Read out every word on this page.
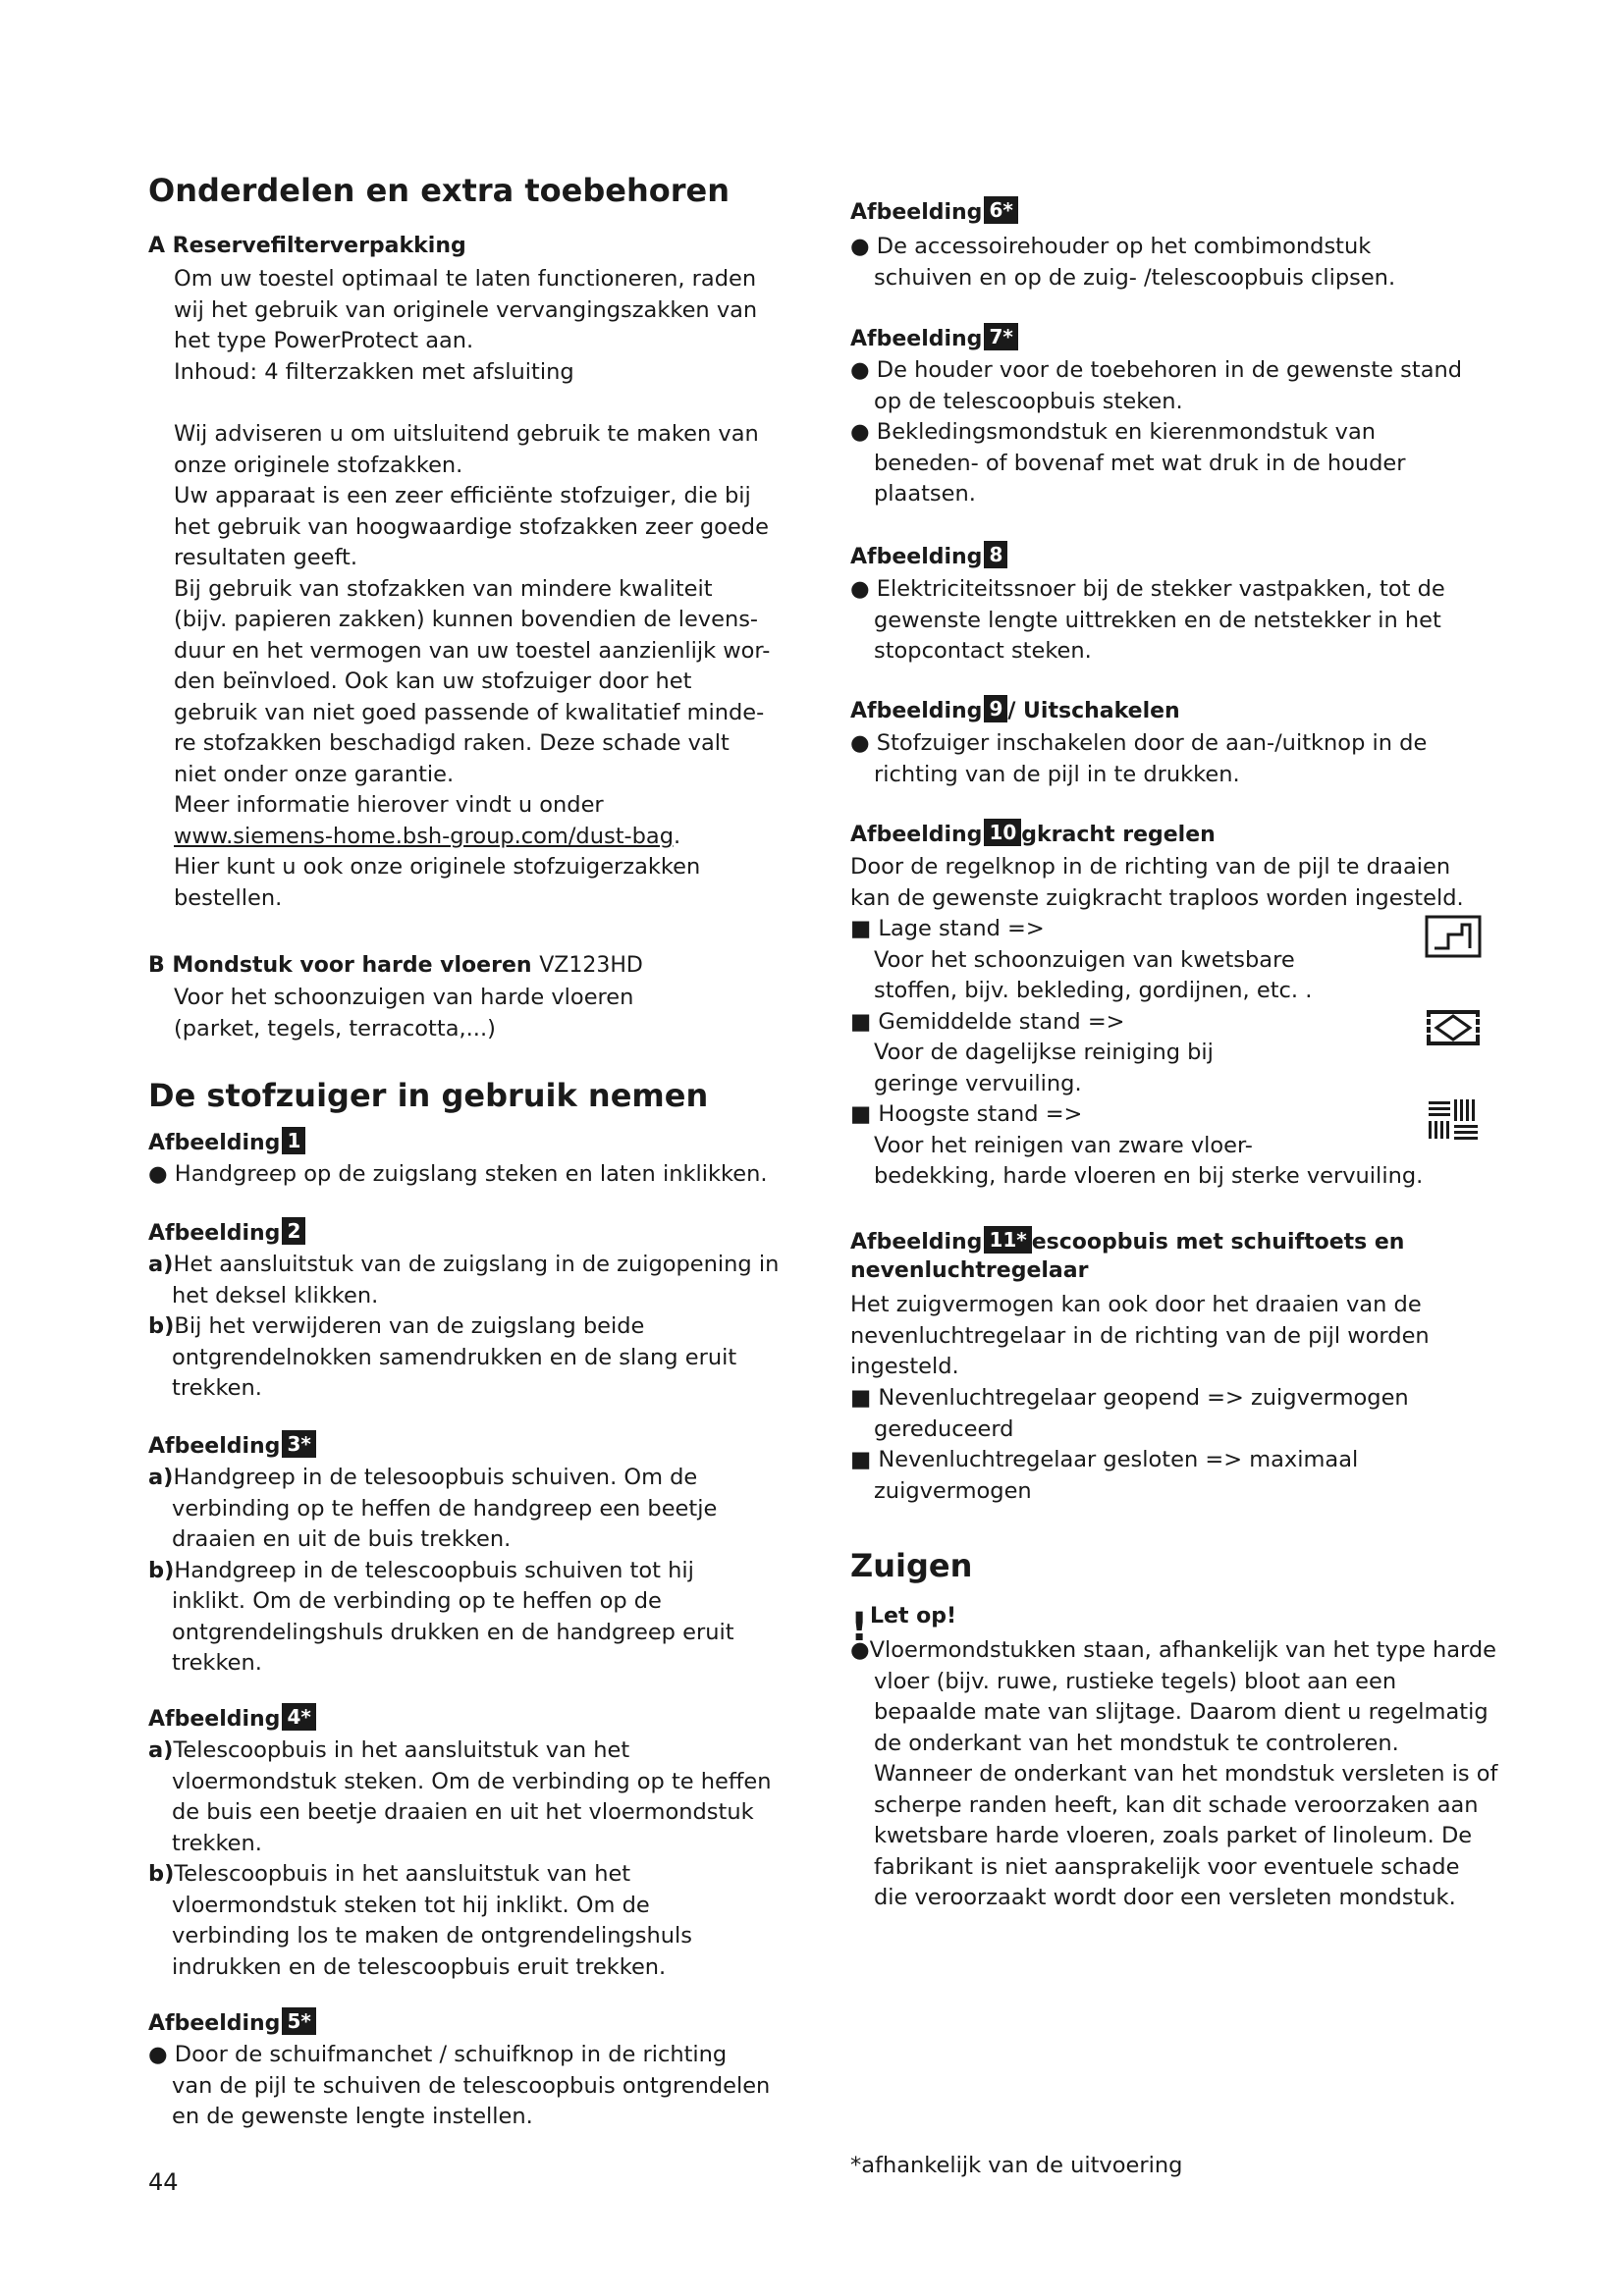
Onderdelen en extra toebehoren
A Reservefilterverpakking
Om uw toestel optimaal te laten functioneren, raden
wij het gebruik van originele vervangingszakken van
het type PowerProtect aan.
Inhoud: 4 filterzakken met afsluiting
Wij adviseren u om uitsluitend gebruik te maken van
onze originele stofzakken.
Uw apparaat is een zeer efficiënte stofzuiger, die bij
het gebruik van hoogwaardige stofzakken zeer goede
resultaten geeft.
Bij gebruik van stofzakken van mindere kwaliteit
(bijv. papieren zakken) kunnen bovendien de levens-
duur en het vermogen van uw toestel aanzienlijk wor-
den beïnvloed. Ook kan uw stofzuiger door het
gebruik van niet goed passende of kwalitatief minde-
re stofzakken beschadigd raken. Deze schade valt
niet onder onze garantie.
Meer informatie hierover vindt u onder
www.siemens-home.bsh-group.com/dust-bag.
Hier kunt u ook onze originele stofzuigerzakken
bestellen.
B Mondstuk voor harde vloeren VZ123HD
Voor het schoonzuigen van harde vloeren
(parket, tegels, terracotta,...)
De stofzuiger in gebruik nemen
Afbeelding 1
● Handgreep op de zuigslang steken en laten inklikken.
Afbeelding 2
a)Het aansluitstuk van de zuigslang in de zuigopening in
het deksel klikken.
b)Bij het verwijderen van de zuigslang beide
ontgrendelnokken samendrukken en de slang eruit
trekken.
Afbeelding 3*
a)Handgreep in de telesoopbuis schuiven. Om de
verbinding op te heffen de handgreep een beetje
draaien en uit de buis trekken.
b)Handgreep in de telescoopbuis schuiven tot hij
inklikt. Om de verbinding op te heffen op de
ontgrendelingshuls drukken en de handgreep eruit
trekken.
Afbeelding 4*
a)Telescoopbuis in het aansluitstuk van het
vloermondstuk steken. Om de verbinding op te heffen
de buis een beetje draaien en uit het vloermondstuk
trekken.
b)Telescoopbuis in het aansluitstuk van het
vloermondstuk steken tot hij inklikt. Om de
verbinding los te maken de ontgrendelingshuls
indrukken en de telescoopbuis eruit trekken.
Afbeelding 5*
● Door de schuifmanchet / schuifknop in de richting
van de pijl te schuiven de telescoopbuis ontgrendelen
en de gewenste lengte instellen.
Afbeelding 6*
● De accessoirehouder op het combimondstuk
schuiven en op de zuig- /telescoopbuis clipsen.
Afbeelding 7*
● De houder voor de toebehoren in de gewenste stand
op de telescoopbuis steken.
● Bekledingsmondstuk en kierenmondstuk van
beneden- of bovenaf met wat druk in de houder
plaatsen.
Afbeelding 8
● Elektriciteitssnoer bij de stekker vastpakken, tot de
gewenste lengte uittrekken en de netstekker in het
stopcontact steken.
Afbeelding 9 / Uitschakelen
● Stofzuiger inschakelen door de aan-/uitknop in de
richting van de pijl in te drukken.
Afbeelding 10 gkracht regelen
Door de regelknop in de richting van de pijl te draaien
kan de gewenste zuigkracht traploos worden ingesteld.
■ Lage stand =>
Voor het schoonzuigen van kwetsbare
stoffen, bijv. bekleding, gordijnen, etc. .
■ Gemiddelde stand =>
Voor de dagelijkse reiniging bij
geringe vervuiling.
■ Hoogste stand =>
Voor het reinigen van zware vloer-
bedekking, harde vloeren en bij sterke vervuiling.
Afbeelding 11* escoopbuis met schuiftoets en
nevenluchtregelaar
Het zuigvermogen kan ook door het draaien van de
nevenluchtregelaar in de richting van de pijl worden
ingesteld.
■ Nevenluchtregelaar geopend => zuigvermogen
gereduceerd
■ Nevenluchtregelaar gesloten => maximaal
zuigvermogen
Zuigen
! Let op!
●Vloermondstukken staan, afhankelijk van het type harde
vloer (bijv. ruwe, rustieke tegels) bloot aan een
bepaalde mate van slijtage. Daarom dient u regelmatig
de onderkant van het mondstuk te controleren.
Wanneer de onderkant van het mondstuk versleten is of
scherpe randen heeft, kan dit schade veroorzaken aan
kwetsbare harde vloeren, zoals parket of linoleum. De
fabrikant is niet aansprakelijk voor eventuele schade
die veroorzaakt wordt door een versleten mondstuk.
44
*afhankelijk van de uitvoering
